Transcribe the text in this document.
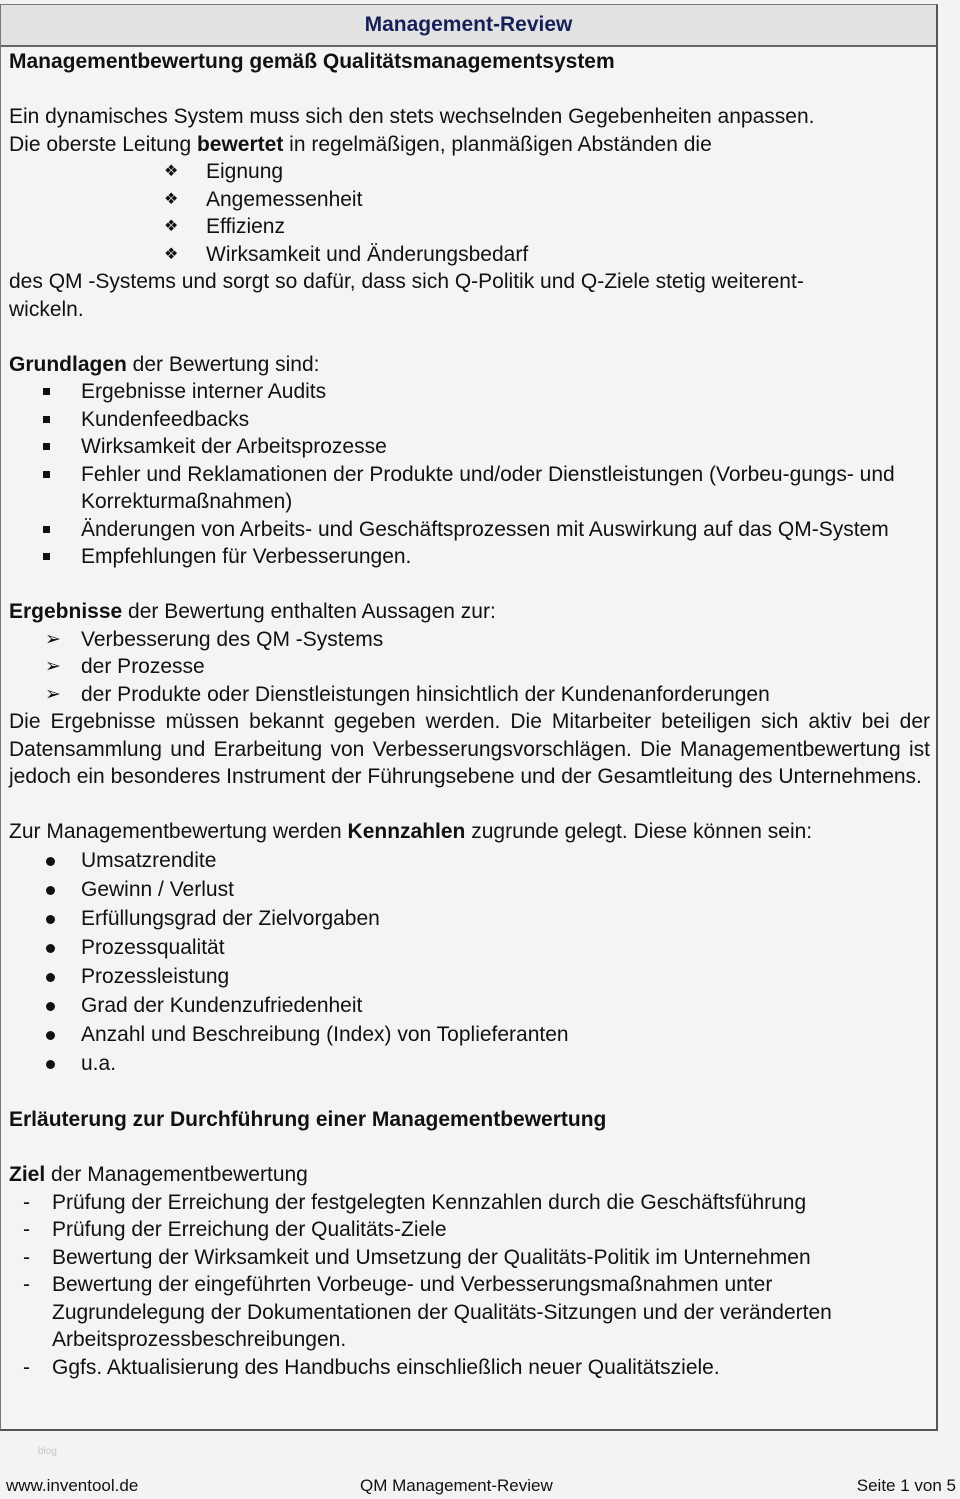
Management-Review
Managementbewertung gemäß Qualitätsmanagementsystem

Ein dynamisches System muss sich den stets wechselnden Gegebenheiten anpassen.

Die oberste Leitung bewertet in regelmäßigen, planmäßigen Abständen die

❖ Eignung
❖ Angemessenheit
❖ Effizienz
❖ Wirksamkeit und Änderungsbedarf

des QM -Systems und sorgt so dafür, dass sich Q-Politik und Q-Ziele stetig weiterent-

wickeln.

Grundlagen der Bewertung sind:

Ergebnisse interner Audits
Kundenfeedbacks
Wirksamkeit der Arbeitsprozesse
Fehler und Reklamationen der Produkte und/oder Dienstleistungen (Vorbeu-gungs- und Korrekturmaßnahmen)
Änderungen von Arbeits- und Geschäftsprozessen mit Auswirkung auf das QM-System
Empfehlungen für Verbesserungen.

Ergebnisse der Bewertung enthalten Aussagen zur:

➢ Verbesserung des QM -Systems
➢ der Prozesse
➢ der Produkte oder Dienstleistungen hinsichtlich der Kundenanforderungen

Die Ergebnisse müssen bekannt gegeben werden. Die Mitarbeiter beteiligen sich aktiv bei der Datensammlung und Erarbeitung von Verbesserungsvorschlägen. Die Managementbewertung ist jedoch ein besonderes Instrument der Führungsebene und der Gesamtleitung des Unternehmens.

Zur Managementbewertung werden Kennzahlen zugrunde gelegt. Diese können sein:

Umsatzrendite
Gewinn / Verlust
Erfüllungsgrad der Zielvorgaben
Prozessqualität
Prozessleistung
Grad der Kundenzufriedenheit
Anzahl und Beschreibung (Index) von Toplieferanten
u.a.
Erläuterung zur Durchführung einer Managementbewertung

Ziel der Managementbewertung

- Prüfung der Erreichung der festgelegten Kennzahlen durch die Geschäftsführung
- Prüfung der Erreichung der Qualitäts-Ziele
- Bewertung der Wirksamkeit und Umsetzung der Qualitäts-Politik im Unternehmen
- Bewertung der eingeführten Vorbeuge- und Verbesserungsmaßnahmen unter Zugrundelegung der Dokumentationen der Qualitäts-Sitzungen und der veränderten Arbeitsprozessbeschreibungen.
- Ggfs. Aktualisierung des Handbuchs einschließlich neuer Qualitätsziele.
blog
www.inventool.de	QM Management-Review	Seite 1 von 5
